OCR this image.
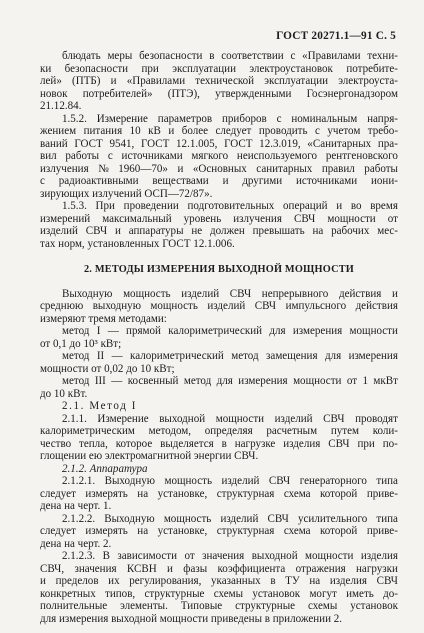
ГОСТ 20271.1—91 С. 5
блюдать меры безопасности в соответствии с «Правилами техни-
ки безопасности при эксплуатации электроустановок потребите-
лей» (ПТБ) и «Правилами технической эксплуатации электроуста-
новок потребителей» (ПТЭ), утвержденными Госэнергонадзором
21.12.84.
1.5.2. Измерение параметров приборов с номинальным напря-
жением питания 10 кВ и более следует проводить с учетом требо-
ваний ГОСТ 9541, ГОСТ 12.1.005, ГОСТ 12.3.019, «Санитарных пра-
вил работы с источниками мягкого неиспользуемого рентгеновского
излучения № 1960—70» и «Основных санитарных правил работы
с радиоактивными веществами и другими источниками иони-
зирующих излучений ОСП—72/87».
1.5.3. При проведении подготовительных операций и во время
измерений максимальный уровень излучения СВЧ мощности от
изделий СВЧ и аппаратуры не должен превышать на рабочих мес-
тах норм, установленных ГОСТ 12.1.006.
2. МЕТОДЫ ИЗМЕРЕНИЯ ВЫХОДНОЙ МОЩНОСТИ
Выходную мощность изделий СВЧ непрерывного действия и
среднюю выходную мощность изделий СВЧ импульсного действия
измеряют тремя методами:
метод I — прямой калориметрический для измерения мощности
от 0,1 до 10³ кВт;
метод II — калориметрический метод замещения для измерения
мощности от 0,02 до 10 кВт;
метод III — косвенный метод для измерения мощности от 1 мкВт
до 10 кВт.
2.1. Метод I
2.1.1. Измерение выходной мощности изделий СВЧ проводят
калориметрическим методом, определяя расчетным путем коли-
чество тепла, которое выделяется в нагрузке изделия СВЧ при по-
глощении ею электромагнитной энергии СВЧ.
2.1.2. Аппаратура
2.1.2.1. Выходную мощность изделий СВЧ генераторного типа
следует измерять на установке, структурная схема которой приве-
дена на черт. 1.
2.1.2.2. Выходную мощность изделий СВЧ усилительного типа
следует измерять на установке, структурная схема которой приве-
дена на черт. 2.
2.1.2.3. В зависимости от значения выходной мощности изделия
СВЧ, значения КСВН и фазы коэффициента отражения нагрузки
и пределов их регулирования, указанных в ТУ на изделия СВЧ
конкретных типов, структурные схемы установок могут иметь до-
полнительные элементы. Типовые структурные схемы установок
для измерения выходной мощности приведены в приложении 2.
